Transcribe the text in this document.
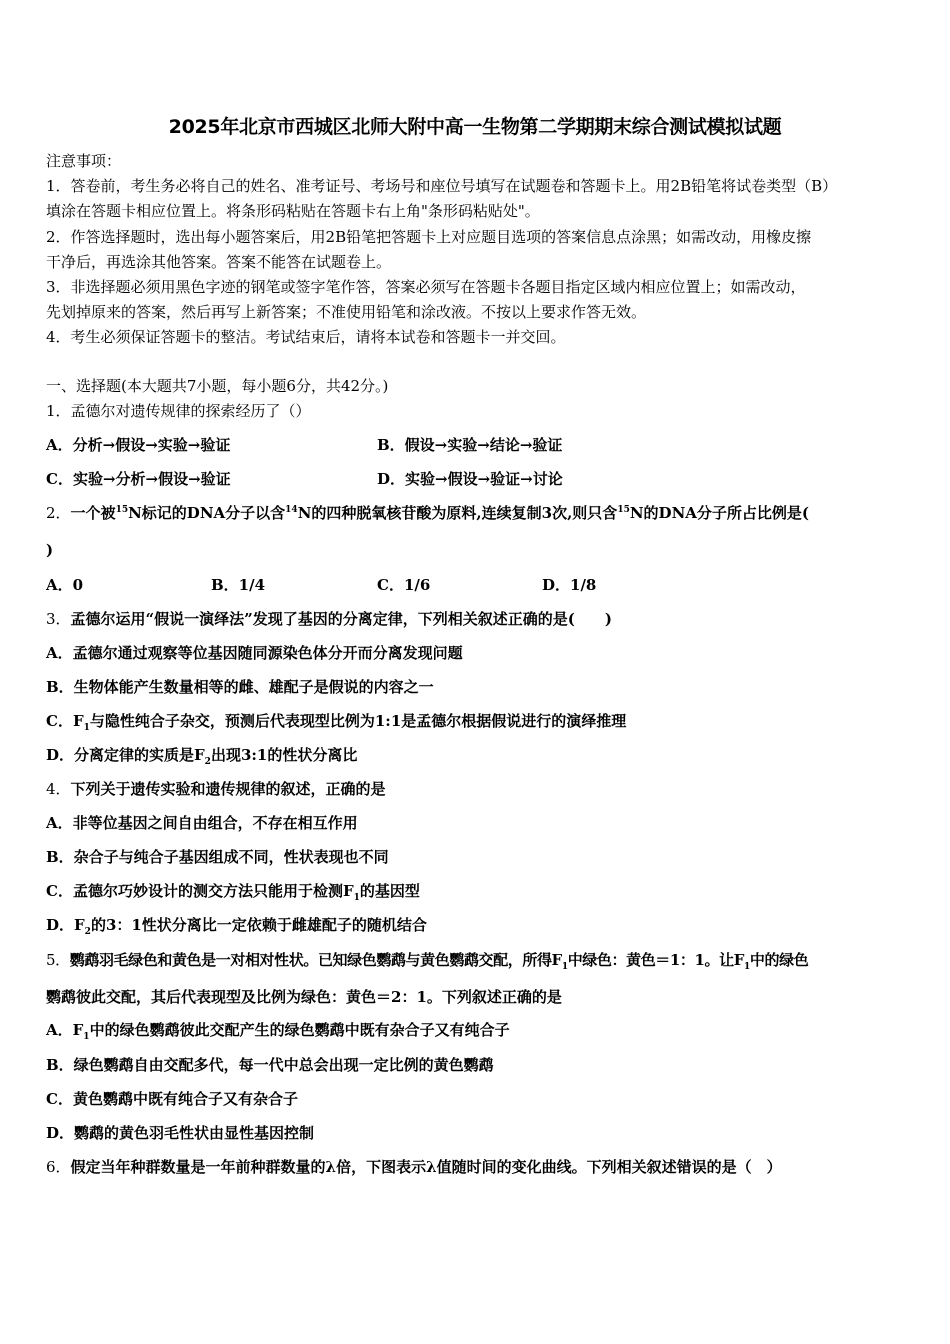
2025年北京市西城区北师大附中高一生物第二学期期末综合测试模拟试题
注意事项：
1．答卷前，考生务必将自己的姓名、准考证号、考场号和座位号填写在试题卷和答题卡上。用2B铅笔将试卷类型（B）
填涂在答题卡相应位置上。将条形码粘贴在答题卡右上角"条形码粘贴处"。
2．作答选择题时，选出每小题答案后，用2B铅笔把答题卡上对应题目选项的答案信息点涂黑；如需改动，用橡皮擦
干净后，再选涂其他答案。答案不能答在试题卷上。
3．非选择题必须用黑色字迹的钢笔或签字笔作答，答案必须写在答题卡各题目指定区域内相应位置上；如需改动，
先划掉原来的答案，然后再写上新答案；不准使用铅笔和涂改液。不按以上要求作答无效。
4．考生必须保证答题卡的整洁。考试结束后，请将本试卷和答题卡一并交回。
一、选择题(本大题共7小题，每小题6分，共42分。)
1．孟德尔对遗传规律的探索经历了（）
A．分析→假设→实验→验证	B．假设→实验→结论→验证
C．实验→分析→假设→验证	D．实验→假设→验证→讨论
2．一个被$^{15}$N标记的DNA分子以含$^{14}$N的四种脱氧核苷酸为原料,连续复制3次,则只含$^{15}$N的DNA分子所占比例是(
)
A．0	B．1/4	C．1/6	D．1/8
3．孟德尔运用“假说一演绎法”发现了基因的分离定律，下列相关叙述正确的是(　　)
A．孟德尔通过观察等位基因随同源染色体分开而分离发现问题
B．生物体能产生数量相等的雌、雄配子是假说的内容之一
C．$F_1$与隐性纯合子杂交，预测后代表现型比例为1:1是孟德尔根据假说进行的演绎推理
D．分离定律的实质是$F_2$出现3:1的性状分离比
4．下列关于遗传实验和遗传规律的叙述，正确的是
A．非等位基因之间自由组合，不存在相互作用
B．杂合子与纯合子基因组成不同，性状表现也不同
C．孟德尔巧妙设计的测交方法只能用于检测$F_1$的基因型
D．$F_2$的3：1性状分离比一定依赖于雌雄配子的随机结合
5．鹦鹉羽毛绿色和黄色是一对相对性状。已知绿色鹦鹉与黄色鹦鹉交配，所得$F_1$中绿色：黄色＝1：1。让$F_1$中的绿色
鹦鹉彼此交配，其后代表现型及比例为绿色：黄色＝2：1。下列叙述正确的是
A．$F_1$中的绿色鹦鹉彼此交配产生的绿色鹦鹉中既有杂合子又有纯合子
B．绿色鹦鹉自由交配多代，每一代中总会出现一定比例的黄色鹦鹉
C．黄色鹦鹉中既有纯合子又有杂合子
D．鹦鹉的黄色羽毛性状由显性基因控制
6．假定当年种群数量是一年前种群数量的λ倍，下图表示λ值随时间的变化曲线。下列相关叙述错误的是（　）
